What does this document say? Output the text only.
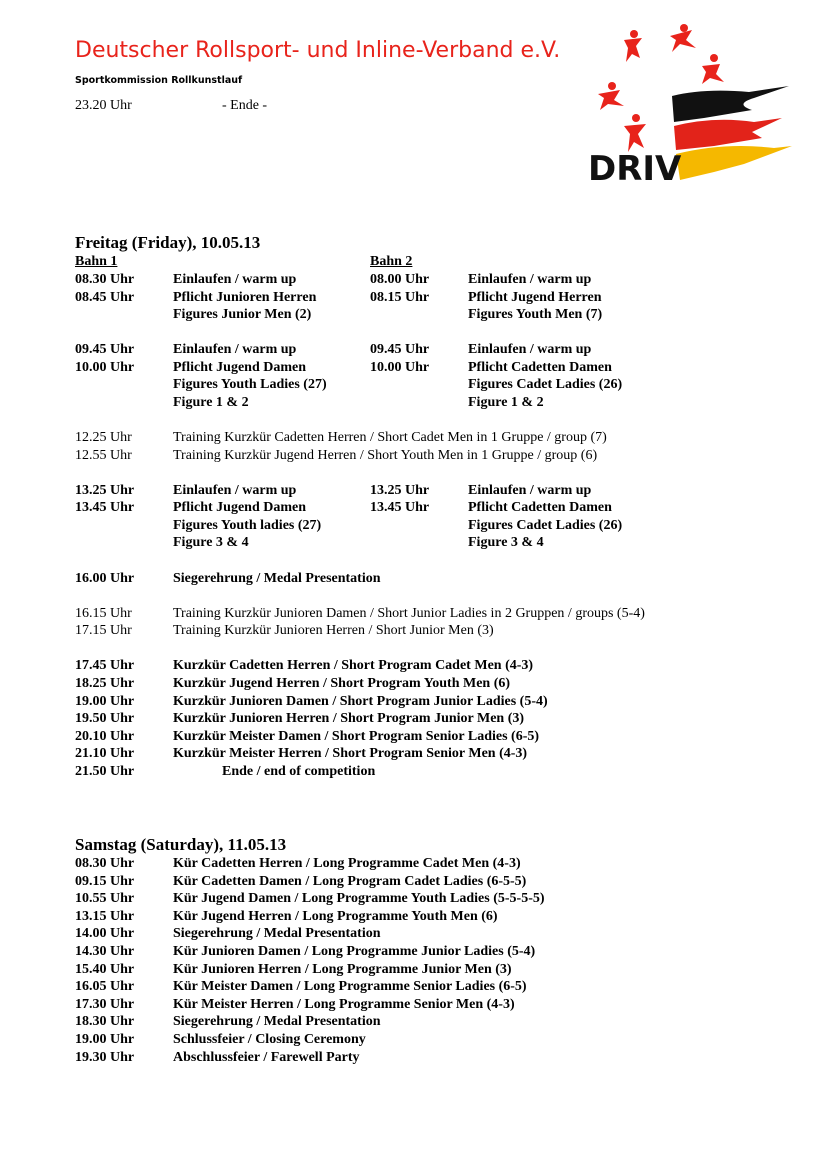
Deutscher Rollsport- und Inline-Verband e.V.
Sportkommission Rollkunstlauf
23.20 Uhr	- Ende -
DRIV
Freitag (Friday), 10.05.13
Bahn 1	Bahn 2
08.30 Uhr	Einlaufen / warm up	08.00 Uhr	Einlaufen / warm up
08.45 Uhr	Pflicht Junioren Herren	08.15 Uhr	Pflicht Jugend Herren
Figures Junior Men (2)	Figures Youth Men (7)
09.45 Uhr	Einlaufen / warm up	09.45 Uhr	Einlaufen / warm up
10.00 Uhr	Pflicht Jugend Damen	10.00 Uhr	Pflicht Cadetten Damen
Figures Youth Ladies (27)	Figures Cadet Ladies (26)
Figure 1 & 2	Figure 1 & 2
12.25 Uhr	Training Kurzkür Cadetten Herren / Short Cadet Men in 1 Gruppe / group (7)
12.55 Uhr	Training Kurzkür Jugend Herren / Short Youth Men in 1 Gruppe / group (6)
13.25 Uhr	Einlaufen / warm up	13.25 Uhr	Einlaufen / warm up
13.45 Uhr	Pflicht Jugend Damen	13.45 Uhr	Pflicht Cadetten Damen
Figures Youth ladies (27)	Figures Cadet Ladies (26)
Figure 3 & 4	Figure 3 & 4
16.00 Uhr	Siegerehrung / Medal Presentation
16.15 Uhr	Training Kurzkür Junioren Damen / Short Junior Ladies in 2 Gruppen / groups (5-4)
17.15 Uhr	Training Kurzkür Junioren Herren / Short Junior Men (3)
17.45 Uhr	Kurzkür Cadetten Herren / Short Program Cadet Men (4-3)
18.25 Uhr	Kurzkür Jugend Herren / Short Program Youth Men (6)
19.00 Uhr	Kurzkür Junioren Damen / Short Program Junior Ladies (5-4)
19.50 Uhr	Kurzkür Junioren Herren / Short Program Junior Men (3)
20.10 Uhr	Kurzkür Meister Damen / Short Program Senior Ladies (6-5)
21.10 Uhr	Kurzkür Meister Herren / Short Program Senior Men (4-3)
21.50 Uhr	Ende / end of competition
Samstag (Saturday), 11.05.13
08.30 Uhr	Kür Cadetten Herren / Long Programme Cadet Men (4-3)
09.15 Uhr	Kür Cadetten Damen / Long Program Cadet Ladies (6-5-5)
10.55 Uhr	Kür Jugend Damen / Long Programme Youth Ladies (5-5-5-5)
13.15 Uhr	Kür Jugend Herren / Long Programme Youth Men (6)
14.00 Uhr	Siegerehrung / Medal Presentation
14.30 Uhr	Kür Junioren Damen / Long Programme Junior Ladies (5-4)
15.40 Uhr	Kür Junioren Herren / Long Programme Junior Men (3)
16.05 Uhr	Kür Meister Damen / Long Programme Senior Ladies (6-5)
17.30 Uhr	Kür Meister Herren / Long Programme Senior Men (4-3)
18.30 Uhr	Siegerehrung / Medal Presentation
19.00 Uhr	Schlussfeier / Closing Ceremony
19.30 Uhr	Abschlussfeier / Farewell Party
